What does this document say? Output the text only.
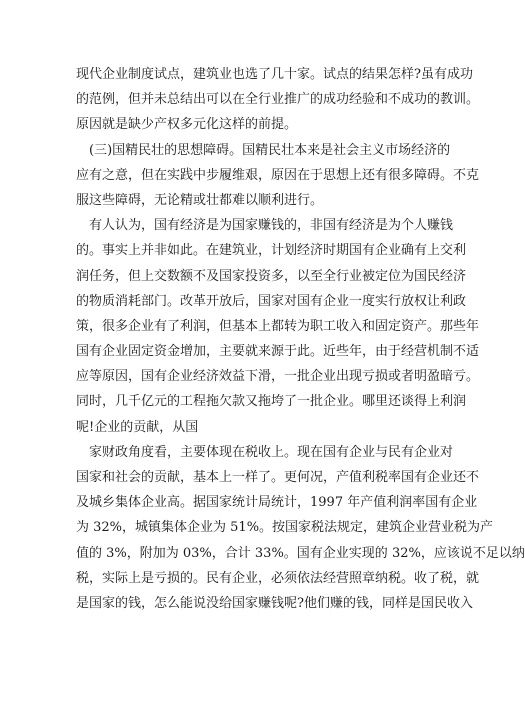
现代企业制度试点，建筑业也选了几十家。试点的结果怎样?虽有成功
的范例，但并未总结出可以在全行业推广的成功经验和不成功的教训。
原因就是缺少产权多元化这样的前提。
(三)国精民壮的思想障碍。国精民壮本来是社会主义市场经济的
应有之意，但在实践中步履维艰，原因在于思想上还有很多障碍。不克
服这些障碍，无论精或壮都难以顺利进行。
有人认为，国有经济是为国家赚钱的，非国有经济是为个人赚钱
的。事实上并非如此。在建筑业，计划经济时期国有企业确有上交利
润任务，但上交数额不及国家投资多，以至全行业被定位为国民经济
的物质消耗部门。改革开放后，国家对国有企业一度实行放权让利政
策，很多企业有了利润，但基本上都转为职工收入和固定资产。那些年
国有企业固定资金增加，主要就来源于此。近些年，由于经营机制不适
应等原因，国有企业经济效益下滑，一批企业出现亏损或者明盈暗亏。
同时，几千亿元的工程拖欠款又拖垮了一批企业。哪里还谈得上利润
呢!企业的贡献，从国
家财政角度看，主要体现在税收上。现在国有企业与民有企业对
国家和社会的贡献，基本上一样了。更何况，产值利税率国有企业还不
及城乡集体企业高。据国家统计局统计，1997 年产值利润率国有企业
为 32%，城镇集体企业为 51%。按国家税法规定，建筑企业营业税为产
值的 3%，附加为 03%，合计 33%。国有企业实现的 32%，应该说不足以纳
税，实际上是亏损的。民有企业，必须依法经营照章纳税。收了税，就
是国家的钱，怎么能说没给国家赚钱呢?他们赚的钱，同样是国民收入
